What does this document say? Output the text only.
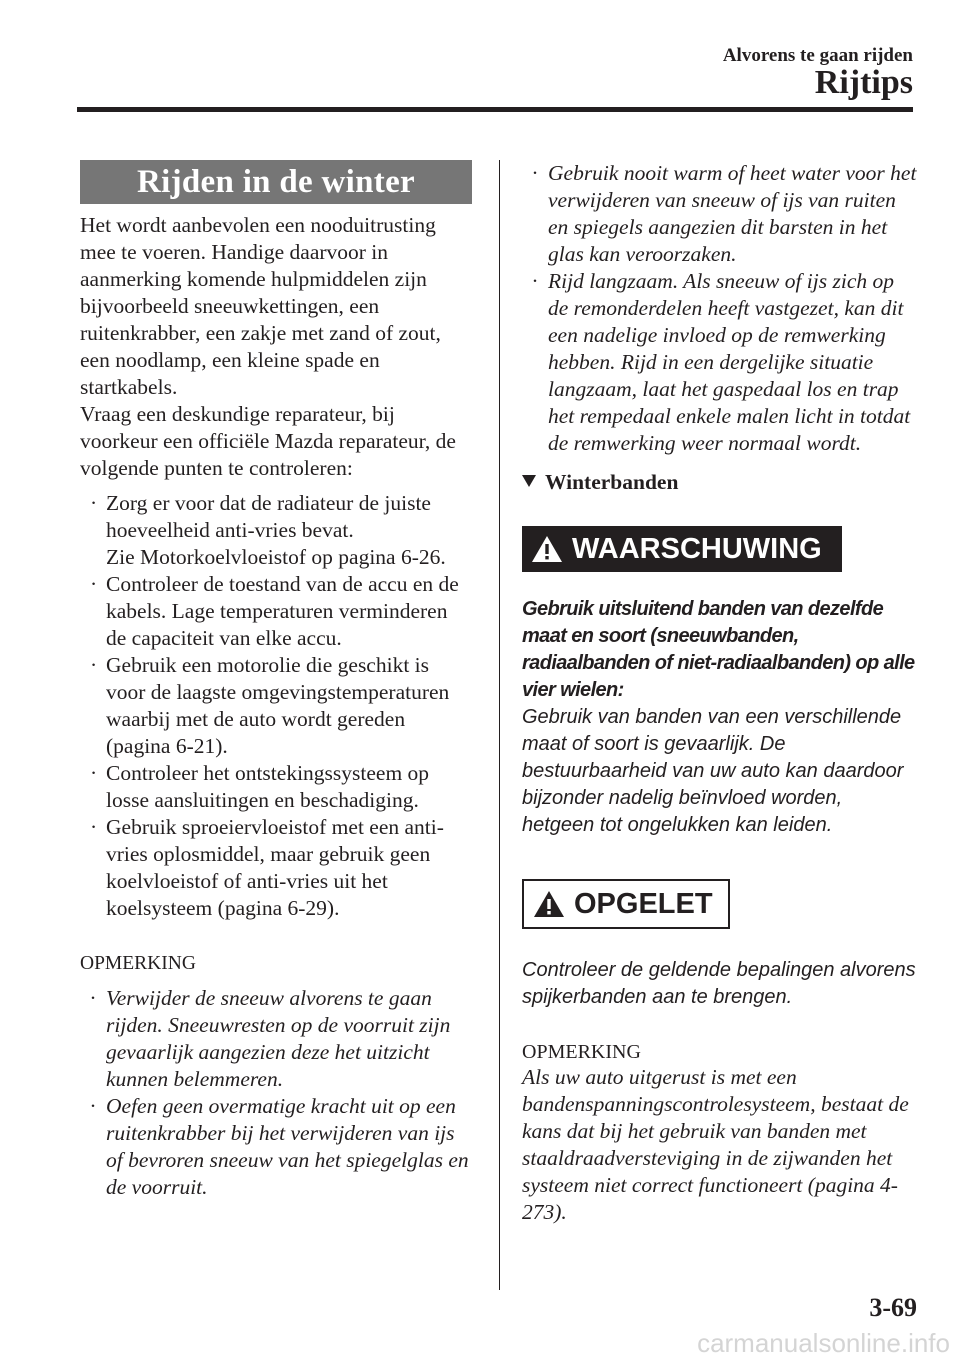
Alvorens te gaan rijden
Rijtips
Rijden in de winter
Het wordt aanbevolen een nooduitrusting mee te voeren. Handige daarvoor in aanmerking komende hulpmiddelen zijn bijvoorbeeld sneeuwkettingen, een ruitenkrabber, een zakje met zand of zout, een noodlamp, een kleine spade en startkabels.
Vraag een deskundige reparateur, bij voorkeur een officiële Mazda reparateur, de volgende punten te controleren:
· Zorg er voor dat de radiateur de juiste hoeveelheid anti-vries bevat.
Zie Motorkoelvloeistof op pagina 6-26.
· Controleer de toestand van de accu en de kabels. Lage temperaturen verminderen de capaciteit van elke accu.
· Gebruik een motorolie die geschikt is voor de laagste omgevingstemperaturen waarbij met de auto wordt gereden (pagina 6-21).
· Controleer het ontstekingssysteem op losse aansluitingen en beschadiging.
· Gebruik sproeiervloeistof met een anti-vries oplosmiddel, maar gebruik geen koelvloeistof of anti-vries uit het koelsysteem (pagina 6-29).
OPMERKING
· Verwijder de sneeuw alvorens te gaan rijden. Sneeuwresten op de voorruit zijn gevaarlijk aangezien deze het uitzicht kunnen belemmeren.
· Oefen geen overmatige kracht uit op een ruitenkrabber bij het verwijderen van ijs of bevroren sneeuw van het spiegelglas en de voorruit.
· Gebruik nooit warm of heet water voor het verwijderen van sneeuw of ijs van ruiten en spiegels aangezien dit barsten in het glas kan veroorzaken.
· Rijd langzaam. Als sneeuw of ijs zich op de remonderdelen heeft vastgezet, kan dit een nadelige invloed op de remwerking hebben. Rijd in een dergelijke situatie langzaam, laat het gaspedaal los en trap het rempedaal enkele malen licht in totdat de remwerking weer normaal wordt.
Winterbanden
WAARSCHUWING
Gebruik uitsluitend banden van dezelfde maat en soort (sneeuwbanden, radiaalbanden of niet-radiaalbanden) op alle vier wielen:
Gebruik van banden van een verschillende maat of soort is gevaarlijk. De bestuurbaarheid van uw auto kan daardoor bijzonder nadelig beïnvloed worden, hetgeen tot ongelukken kan leiden.
OPGELET
Controleer de geldende bepalingen alvorens spijkerbanden aan te brengen.
OPMERKING
Als uw auto uitgerust is met een bandenspanningscontrolesysteem, bestaat de kans dat bij het gebruik van banden met staaldraadversteviging in de zijwanden het systeem niet correct functioneert (pagina 4-273).
3-69
carmanualsonline.info
